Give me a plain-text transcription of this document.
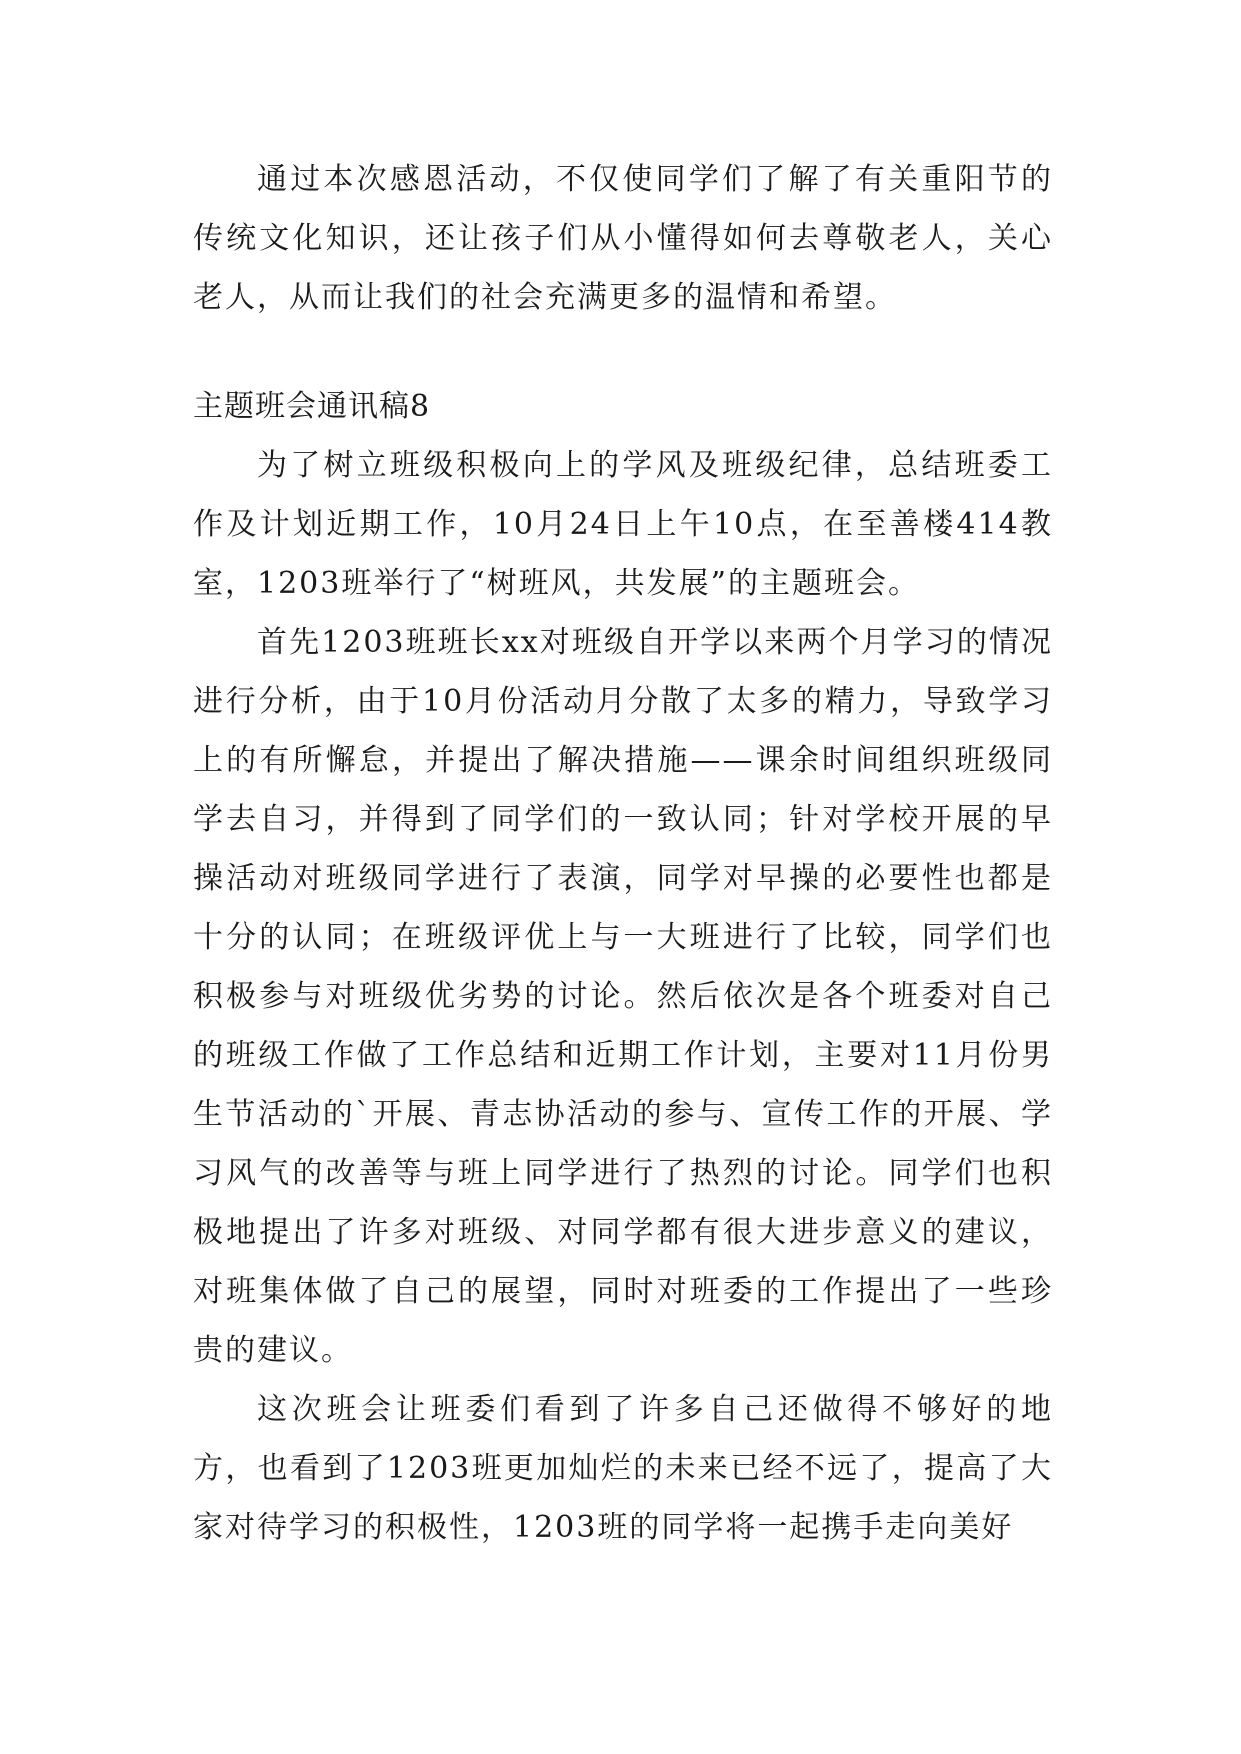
通过本次感恩活动，不仅使同学们了解了有关重阳节的传统文化知识，还让孩子们从小懂得如何去尊敬老人，关心老人，从而让我们的社会充满更多的温情和希望。

主题班会通讯稿8

为了树立班级积极向上的学风及班级纪律，总结班委工作及计划近期工作，10月24日上午10点，在至善楼414教室，1203班举行了“树班风，共发展”的主题班会。

首先1203班班长xx对班级自开学以来两个月学习的情况进行分析，由于10月份活动月分散了太多的精力，导致学习上的有所懈怠，并提出了解决措施——课余时间组织班级同学去自习，并得到了同学们的一致认同；针对学校开展的早操活动对班级同学进行了表演，同学对早操的必要性也都是十分的认同；在班级评优上与一大班进行了比较，同学们也积极参与对班级优劣势的讨论。然后依次是各个班委对自己的班级工作做了工作总结和近期工作计划，主要对11月份男生节活动的`开展、青志协活动的参与、宣传工作的开展、学习风气的改善等与班上同学进行了热烈的讨论。同学们也积极地提出了许多对班级、对同学都有很大进步意义的建议，对班集体做了自己的展望，同时对班委的工作提出了一些珍贵的建议。

这次班会让班委们看到了许多自己还做得不够好的地方，也看到了1203班更加灿烂的未来已经不远了，提高了大家对待学习的积极性，1203班的同学将一起携手走向美好
